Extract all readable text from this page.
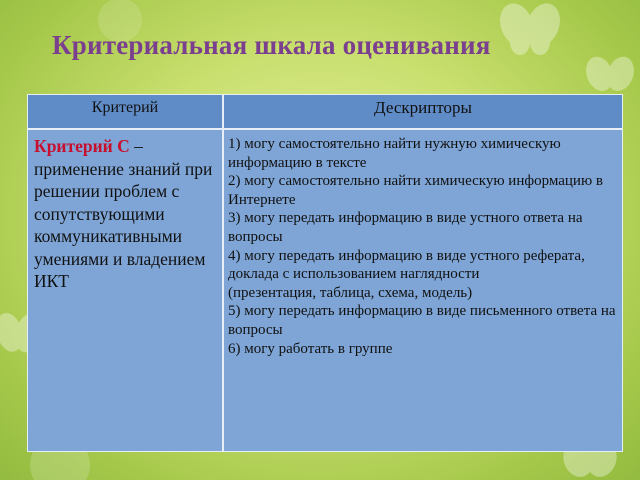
Критериальная шкала оценивания
Критерий	Дескрипторы
Критерий С – применение знаний при решении проблем с сопутствующими коммуникативными умениями и владением ИКТ
1) могу самостоятельно найти нужную химическую информацию в тексте
2) могу самостоятельно найти химическую информацию в Интернете
3) могу передать информацию в виде устного ответа на вопросы
4) могу передать информацию в виде устного реферата, доклада с использованием наглядности
(презентация, таблица, схема, модель)
5) могу передать информацию в виде письменного ответа на вопросы
6) могу работать в группе
